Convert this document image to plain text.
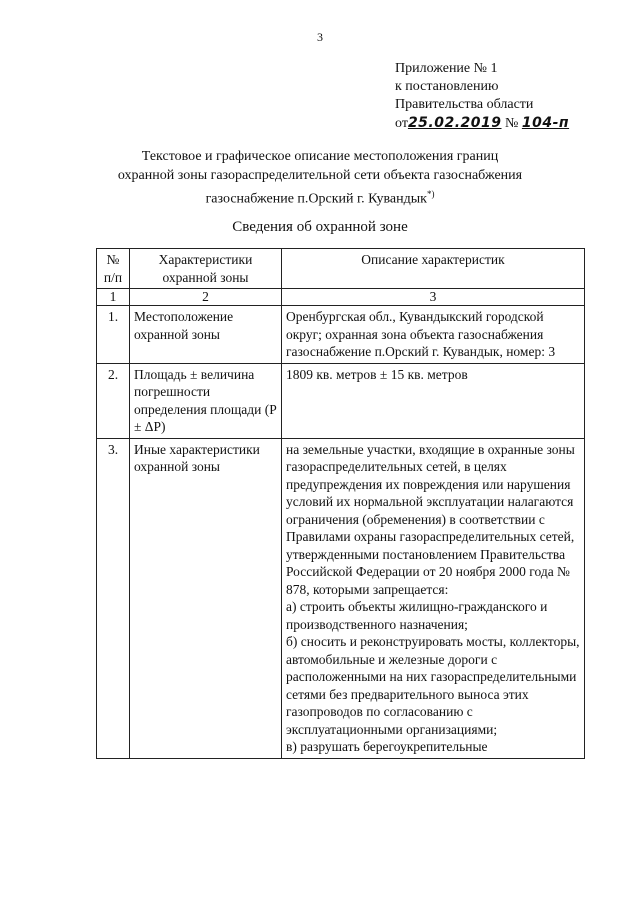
3
Приложение № 1
к постановлению
Правительства области
от25.02.2019 № 104-п
Текстовое и графическое описание местоположения границ
охранной зоны газораспределительной сети объекта газоснабжения
газоснабжение п.Орский г. Кувандык*)
Сведения об охранной зоне
№ п/п	Характеристики охранной зоны	Описание характеристик
1	2	3
1.	Местоположение охранной зоны	Оренбургская обл., Кувандыкский городской округ; охранная зона объекта газоснабжения газоснабжение п.Орский г. Кувандык, номер: 3
2.	Площадь ± величина погрешности определения площади (P ± ΔP)	1809 кв. метров ± 15 кв. метров
3.	Иные характеристики охранной зоны	на земельные участки, входящие в охранные зоны газораспределительных сетей, в целях предупреждения их повреждения или нарушения условий их нормальной эксплуатации налагаются ограничения (обременения) в соответствии с Правилами охраны газораспределительных сетей, утвержденными постановлением Правительства Российской Федерации от 20 ноября 2000 года № 878, которыми запрещается:
а) строить объекты жилищно-гражданского и производственного назначения;
б) сносить и реконструировать мосты, коллекторы, автомобильные и железные дороги с расположенными на них газораспределительными сетями без предварительного выноса этих газопроводов по согласованию с эксплуатационными организациями;
в) разрушать берегоукрепительные
